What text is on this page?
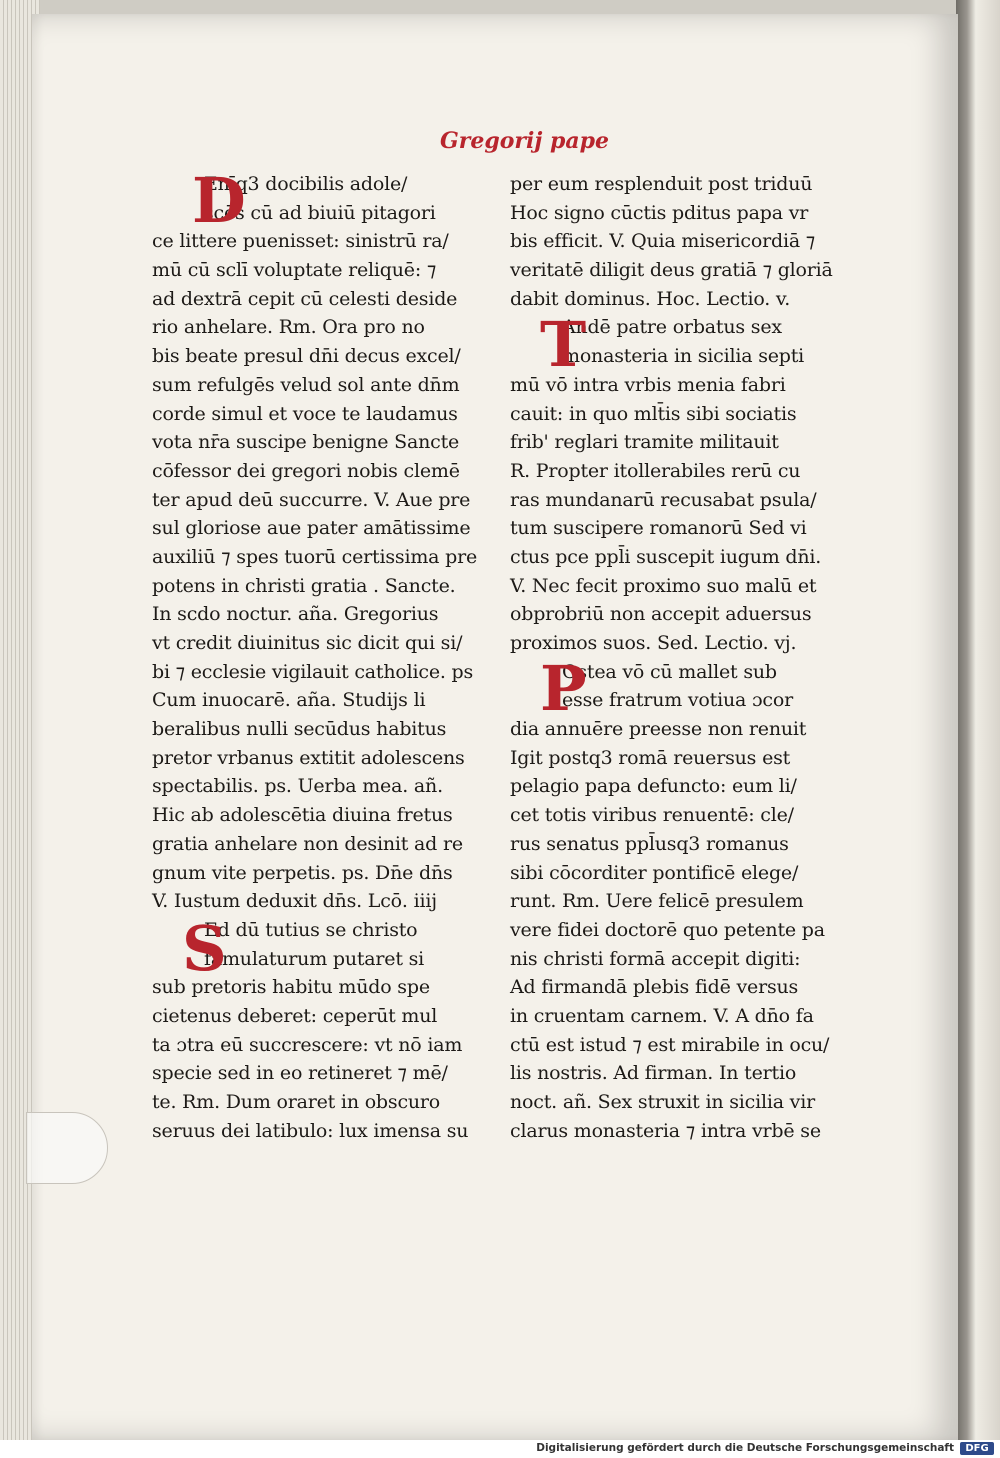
Gregorij pape
Enīq3 docibilis adole/
scēs cū ad biuiū pitagori
ce littere puenisset: sinistrū ra/
mū cū sclī voluptate reliquē: ⁊
ad dextrā cepit cū celesti deside
rio anhelare. Rm. Ora pro no
bis beate presul dn̄i decus excel/
sum refulgēs velud sol ante dn̄m
corde simul et voce te laudamus
vota nr̄a suscipe benigne Sancte
cōfessor dei gregori nobis clemē
ter apud deū succurre. V. Aue pre
sul gloriose aue pater amātissime
auxiliū ⁊ spes tuorū certissima pre
potens in christi gratia . Sancte.
In scdo noctur. aña. Gregorius
vt credit diuinitus sic dicit qui si/
bi ⁊ ecclesie vigilauit catholice. ps
Cum inuocarē. aña. Studijs li
beralibus nulli secūdus habitus
pretor vrbanus extitit adolescens
spectabilis. ps. Uerba mea. añ.
Hic ab adolescētia diuina fretus
gratia anhelare non desinit ad re
gnum vite perpetis. ps. Dn̄e dn̄s
V. Iustum deduxit dn̄s. Lcō. iiij
Ed dū tutius se christo
famulaturum putaret si
sub pretoris habitu mūdo spe
cietenus deberet: ceperūt mul
ta ɔtra eū succrescere: vt nō iam
specie sed in eo retineret ⁊ mē/
te. Rm. Dum oraret in obscuro
seruus dei latibulo: lux imensa su
per eum resplenduit post triduū
Hoc signo cūctis pditus papa vr
bis efficit. V. Quia misericordiā ⁊
veritatē diligit deus gratiā ⁊ gloriā
dabit dominus. Hoc. Lectio. v.
Andē patre orbatus sex
monasteria in sicilia septi
mū vō intra vrbis menia fabri
cauit: in quo mlt̄is sibi sociatis
frib' reglari tramite militauit
R. Propter itollerabiles rerū cu
ras mundanarū recusabat psula/
tum suscipere romanorū Sed vi
ctus pce ppl̄i suscepit iugum dn̄i.
V. Nec fecit proximo suo malū et
obprobriū non accepit aduersus
proximos suos. Sed. Lectio. vj.
Ostea vō cū mallet sub
esse fratrum votiua ɔcor
dia annuēre preesse non renuit
Igit postq3 romā reuersus est
pelagio papa defuncto: eum li/
cet totis viribus renuentē: cle/
rus senatus ppl̄usq3 romanus
sibi cōcorditer pontificē elege/
runt. Rm. Uere felicē presulem
vere fidei doctorē quo petente pa
nis christi formā accepit digiti:
Ad firmandā plebis fidē versus
in cruentam carnem. V. A dn̄o fa
ctū est istud ⁊ est mirabile in ocu/
lis nostris. Ad firman. In tertio
noct. añ. Sex struxit in sicilia vir
clarus monasteria ⁊ intra vrbē se
D
S
T
P
Digitalisierung gefördert durch die Deutsche Forschungsgemeinschaft	DFG
